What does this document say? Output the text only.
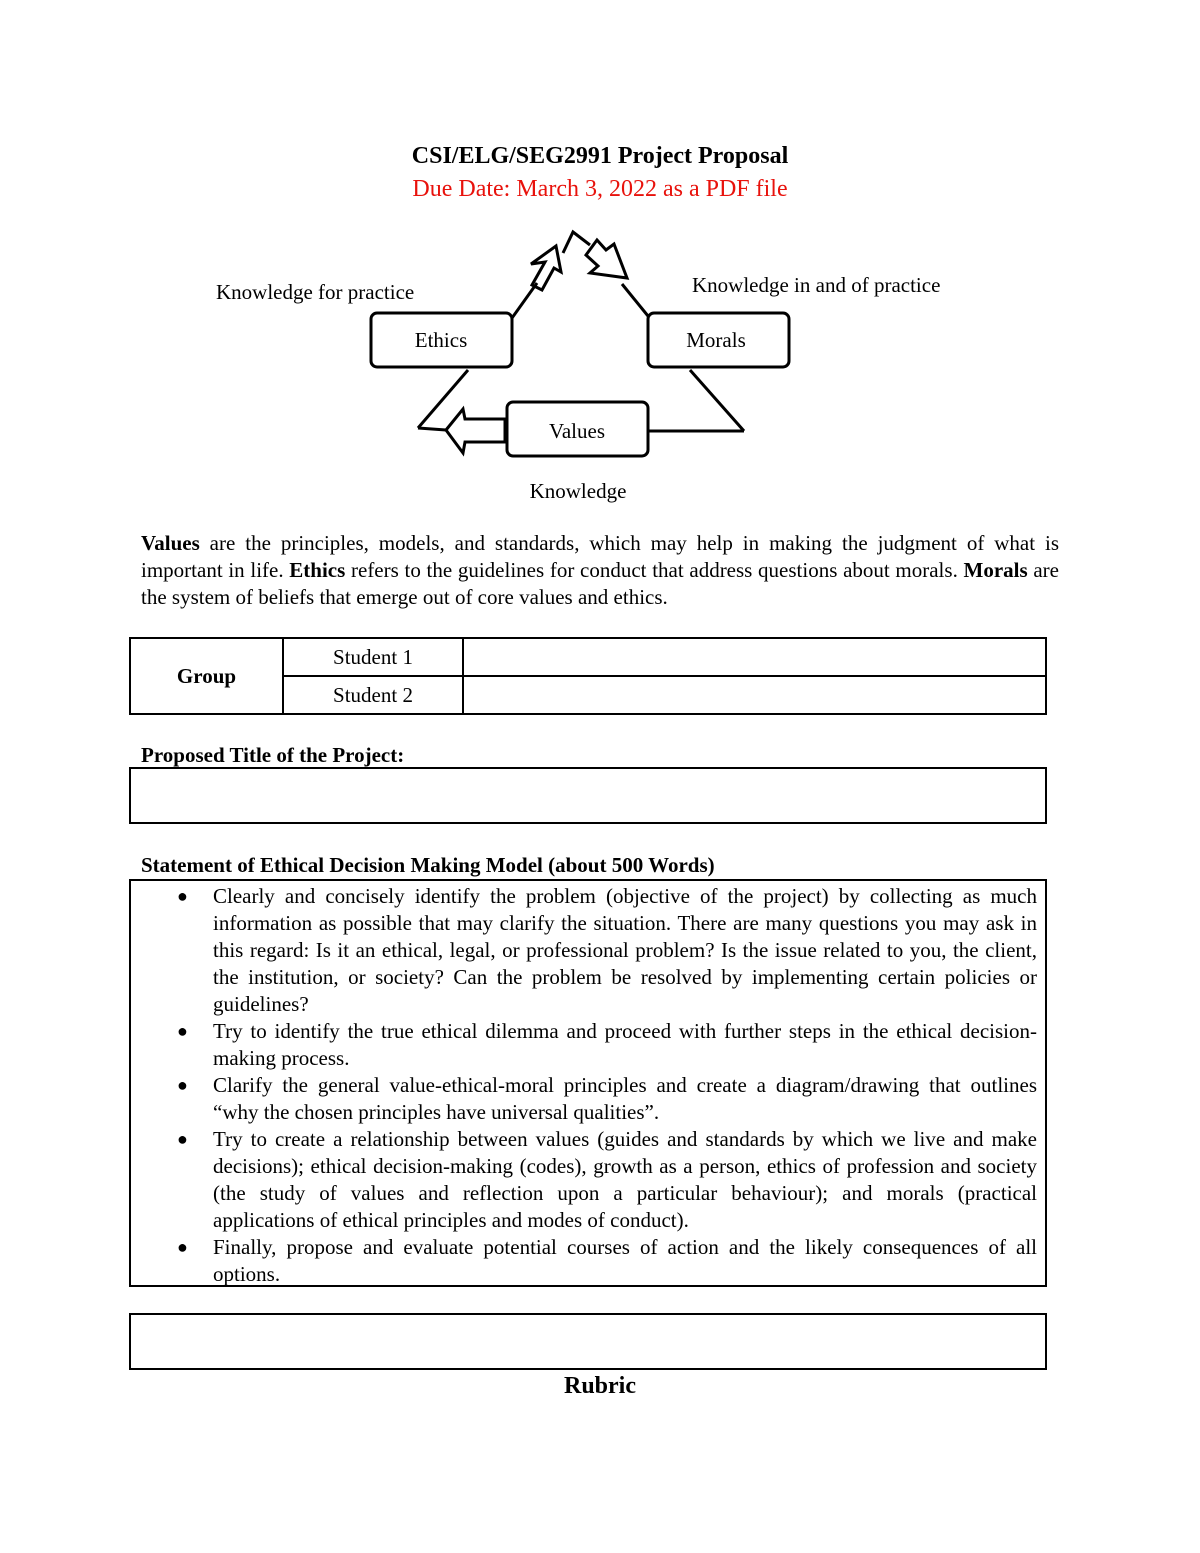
CSI/ELG/SEG2991 Project Proposal

Due Date: March 3, 2022 as a PDF file

Ethics	Morals
Values
Knowledge for practice	Knowledge in and of practice
Knowledge

Values are the principles, models, and standards, which may help in making the judgment of what is important in life. Ethics refers to the guidelines for conduct that address questions about morals. Morals are the system of beliefs that emerge out of core values and ethics.

Group	Student 1	
	Student 2	

Proposed Title of the Project:

Statement of Ethical Decision Making Model (about 500 Words)

● Clearly and concisely identify the problem (objective of the project) by collecting as much information as possible that may clarify the situation. There are many questions you may ask in this regard: Is it an ethical, legal, or professional problem? Is the issue related to you, the client, the institution, or society? Can the problem be resolved by implementing certain policies or guidelines?
● Try to identify the true ethical dilemma and proceed with further steps in the ethical decision-making process.
● Clarify the general value-ethical-moral principles and create a diagram/drawing that outlines “why the chosen principles have universal qualities”.
● Try to create a relationship between values (guides and standards by which we live and make decisions); ethical decision-making (codes), growth as a person, ethics of profession and society (the study of values and reflection upon a particular behaviour); and morals (practical applications of ethical principles and modes of conduct).
● Finally, propose and evaluate potential courses of action and the likely consequences of all options.

Rubric
